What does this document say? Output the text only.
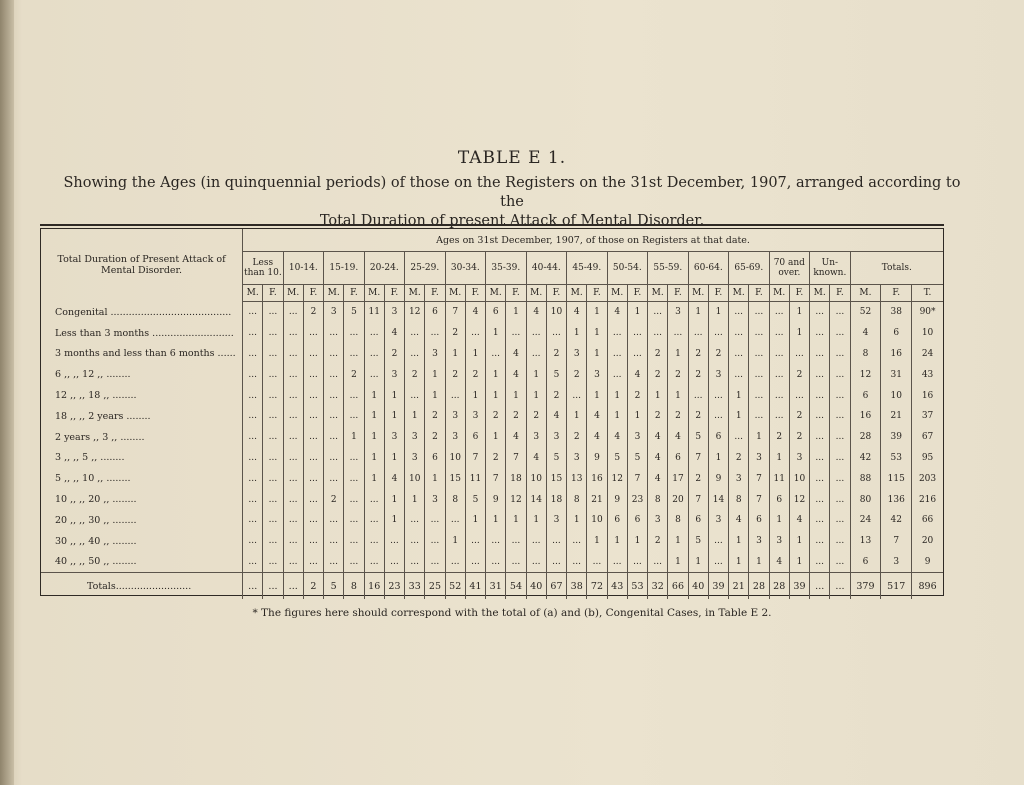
TABLE E 1.
Showing the Ages (in quinquennial periods) of those on the Registers on the 31st December, 1907, arranged according to the
Total Duration of present Attack of Mental Disorder.
Total Duration of Present Attack of Mental Disorder.	Ages on 31st December, 1907, of those on Registers at that date.																																
	Less than 10.		10-14.		15-19.		20-24.		25-29.		30-34.		35-39.		40-44.		45-49.		50-54.		55-59.		60-64.		65-69.		70 and over.		Un-known.		Totals.		
	M.	F.	M.	F.	M.	F.	M.	F.	M.	F.	M.	F.	M.	F.	M.	F.	M.	F.	M.	F.	M.	F.	M.	F.	M.	F.	M.	F.	M.	F.	M.	F.	T.
Congenital ........................................	...	...	...	2	3	5	11	3	12	6	7	4	6	1	4	10	4	1	4	1	...	3	1	1	...	...	...	1	...	...	52	38	90*
Less than 3 months ...........................	...	...	...	...	...	...	...	4	...	...	2	...	1	...	...	...	1	1	...	...	...	...	...	...	...	...	...	1	...	...	4	6	10
3 months and less than 6 months ......	...	...	...	...	...	...	...	2	...	3	1	1	...	4	...	2	3	1	...	...	2	1	2	2	...	...	...	...	...	...	8	16	24
6 ,, ,, 12 ,, ........	...	...	...	...	...	2	...	3	2	1	2	2	1	4	1	5	2	3	...	4	2	2	2	3	...	...	...	2	...	...	12	31	43
12 ,, ,, 18 ,, ........	...	...	...	...	...	...	1	1	...	1	...	1	1	1	1	2	...	1	1	2	1	1	...	...	1	...	...	...	...	...	6	10	16
18 ,, ,, 2 years ........	...	...	...	...	...	...	1	1	1	2	3	3	2	2	2	4	1	4	1	1	2	2	2	...	1	...	...	2	...	...	16	21	37
2 years ,, 3 ,, ........	...	...	...	...	...	1	1	3	3	2	3	6	1	4	3	3	2	4	4	3	4	4	5	6	...	1	2	2	...	...	28	39	67
3 ,, ,, 5 ,, ........	...	...	...	...	...	...	1	1	3	6	10	7	2	7	4	5	3	9	5	5	4	6	7	1	2	3	1	3	...	...	42	53	95
5 ,, ,, 10 ,, ........	...	...	...	...	...	...	1	4	10	1	15	11	7	18	10	15	13	16	12	7	4	17	2	9	3	7	11	10	...	...	88	115	203
10 ,, ,, 20 ,, ........	...	...	...	...	2	...	...	1	1	3	8	5	9	12	14	18	8	21	9	23	8	20	7	14	8	7	6	12	...	...	80	136	216
20 ,, ,, 30 ,, ........	...	...	...	...	...	...	...	1	...	...	...	1	1	1	1	3	1	10	6	6	3	8	6	3	4	6	1	4	...	...	24	42	66
30 ,, ,, 40 ,, ........	...	...	...	...	...	...	...	...	...	...	1	...	...	...	...	...	...	1	1	1	2	1	5	...	1	3	3	1	...	...	13	7	20
40 ,, ,, 50 ,, ........	...	...	...	...	...	...	...	...	...	...	...	...	...	...	...	...	...	...	...	...	...	1	1	...	1	1	4	1	...	...	6	3	9
Totals.........................	...	...	...	2	5	8	16	23	33	25	52	41	31	54	40	67	38	72	43	53	32	66	40	39	21	28	28	39	...	...	379	517	896
* The figures here should correspond with the total of (a) and (b), Congenital Cases, in Table E 2.
